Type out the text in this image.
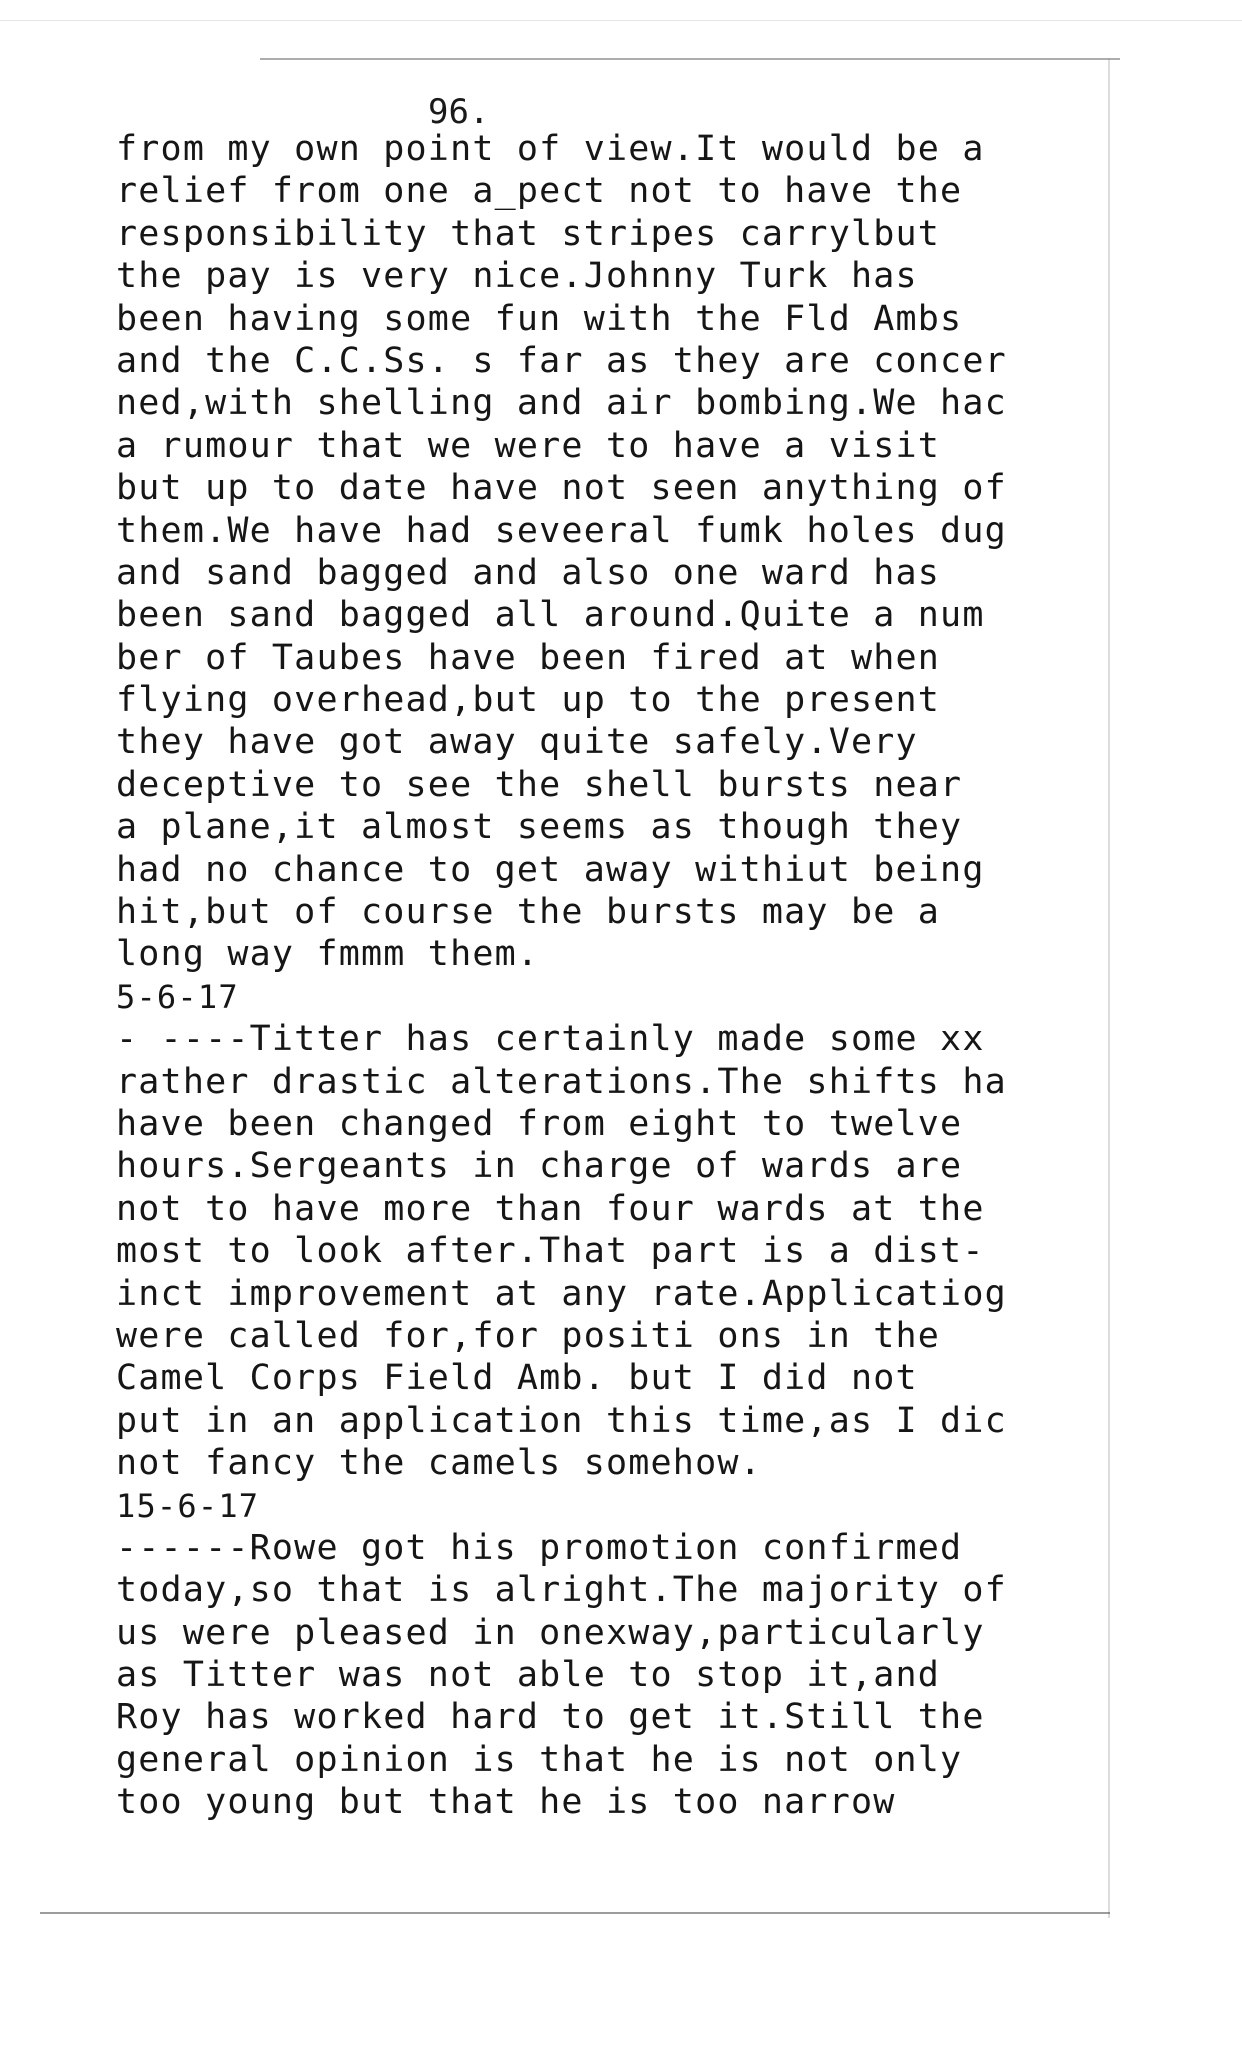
96.
from my own point of view.It would be a
relief from one a_pect not to have the
responsibility that stripes carrylbut
the pay is very nice.Johnny Turk has
been having some fun with the Fld Ambs
and the C.C.Ss. s far as they are concer
ned,with shelling and air bombing.We hac
a rumour that we were to have a visit
but up to date have not seen anything of
them.We have had seveeral fumk holes dug
and sand bagged and also one ward has
been sand bagged all around.Quite a num
ber of Taubes have been fired at when
flying overhead,but up to the present
they have got away quite safely.Very
deceptive to see the shell bursts near
a plane,it almost seems as though they
had no chance to get away withiut being
hit,but of course the bursts may be a
long way fmmm them.
5-6-17
- ----Titter has certainly made some xx
rather drastic alterations.The shifts ha
have been changed from eight to twelve
hours.Sergeants in charge of wards are
not to have more than four wards at the
most to look after.That part is a dist-
inct improvement at any rate.Applicatiog
were called for,for positi ons in the
Camel Corps Field Amb. but I did not
put in an application this time,as I dic
not fancy the camels somehow.
15-6-17
------Rowe got his promotion confirmed
today,so that is alright.The majority of
us were pleased in onexway,particularly
as Titter was not able to stop it,and
Roy has worked hard to get it.Still the
general opinion is that he is not only
too young but that he is too narrow
